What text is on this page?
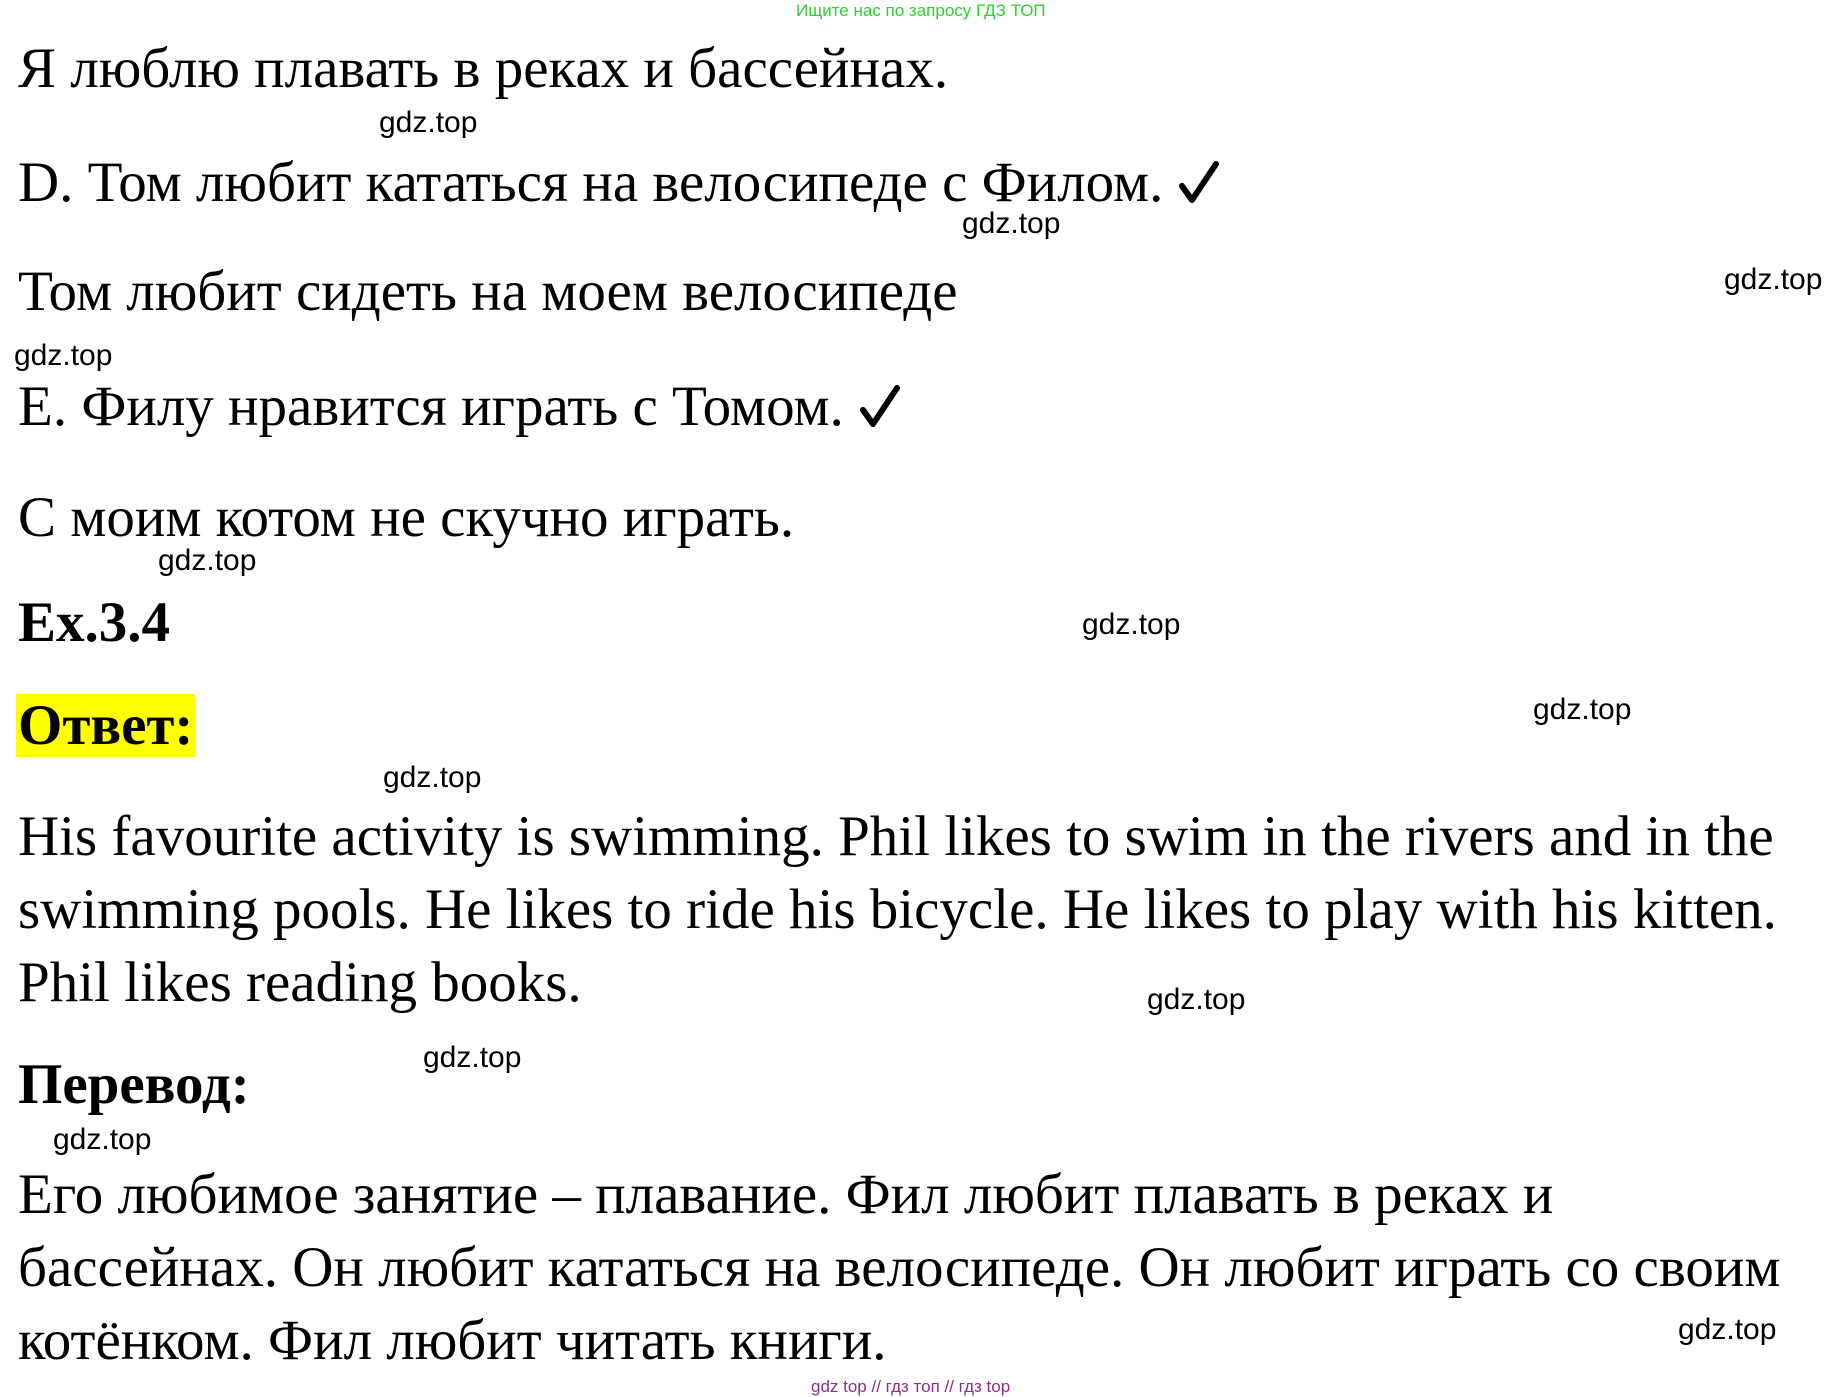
Ищите нас по запросу ГДЗ ТОП
Я люблю плавать в реках и бассейнах.
D. Том любит кататься на велосипеде с Филом.
Том любит сидеть на моем велосипеде
E. Филу нравится играть с Томом.
С моим котом не скучно играть.
Ex.3.4
Ответ:
His favourite activity is swimming. Phil likes to swim in the rivers and in the
swimming pools. He likes to ride his bicycle. He likes to play with his kitten.
Phil likes reading books.
Перевод:
Его любимое занятие – плавание. Фил любит плавать в реках и
бассейнах. Он любит кататься на велосипеде. Он любит играть со своим
котёнком. Фил любит читать книги.
gdz.top
gdz.top
gdz.top
gdz.top
gdz.top
gdz.top
gdz.top
gdz.top
gdz.top
gdz.top
gdz.top
gdz.top
gdz top // гдз топ // гдз top
